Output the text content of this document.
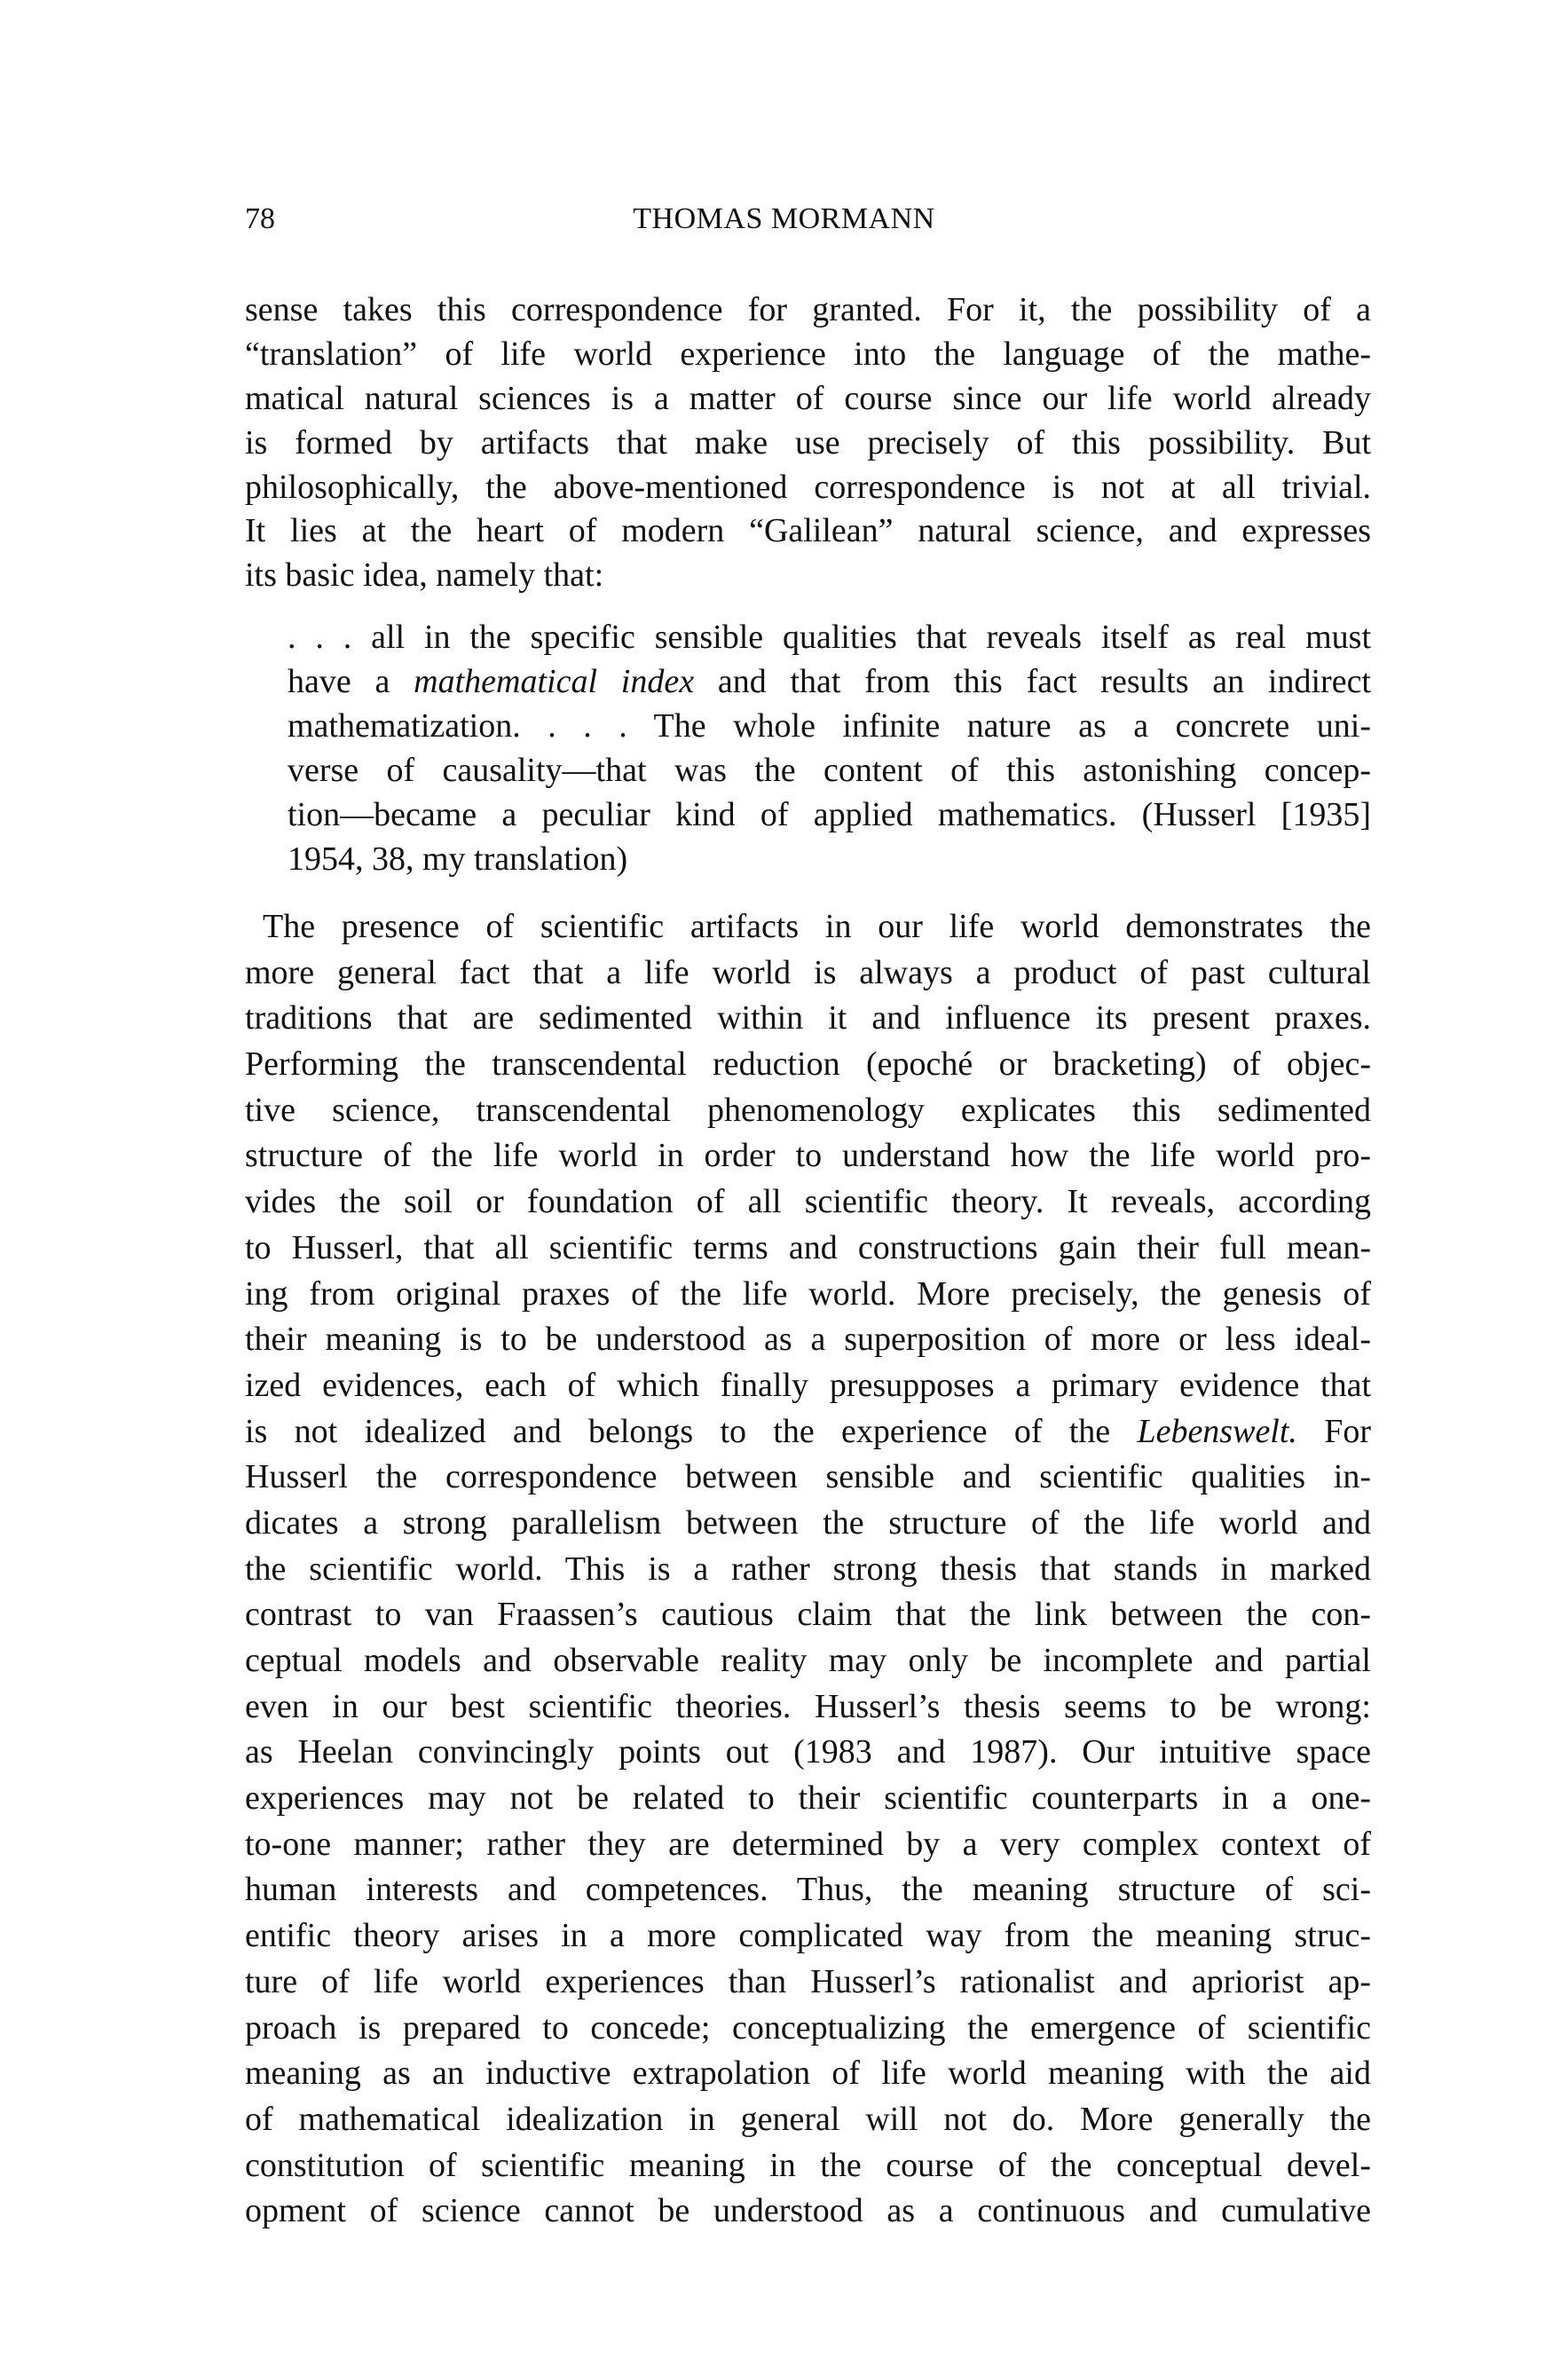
78	THOMAS MORMANN
sense takes this correspondence for granted. For it, the possibility of a
“translation” of life world experience into the language of the mathe-
matical natural sciences is a matter of course since our life world already
is formed by artifacts that make use precisely of this possibility. But
philosophically, the above-mentioned correspondence is not at all trivial.
It lies at the heart of modern “Galilean” natural science, and expresses
its basic idea, namely that:
. . . all in the specific sensible qualities that reveals itself as real must
have a mathematical index and that from this fact results an indirect
mathematization. . . . The whole infinite nature as a concrete uni-
verse of causality—that was the content of this astonishing concep-
tion—became a peculiar kind of applied mathematics. (Husserl [1935]
1954, 38, my translation)
The presence of scientific artifacts in our life world demonstrates the
more general fact that a life world is always a product of past cultural
traditions that are sedimented within it and influence its present praxes.
Performing the transcendental reduction (epoché or bracketing) of objec-
tive science, transcendental phenomenology explicates this sedimented
structure of the life world in order to understand how the life world pro-
vides the soil or foundation of all scientific theory. It reveals, according
to Husserl, that all scientific terms and constructions gain their full mean-
ing from original praxes of the life world. More precisely, the genesis of
their meaning is to be understood as a superposition of more or less ideal-
ized evidences, each of which finally presupposes a primary evidence that
is not idealized and belongs to the experience of the Lebenswelt. For
Husserl the correspondence between sensible and scientific qualities in-
dicates a strong parallelism between the structure of the life world and
the scientific world. This is a rather strong thesis that stands in marked
contrast to van Fraassen’s cautious claim that the link between the con-
ceptual models and observable reality may only be incomplete and partial
even in our best scientific theories. Husserl’s thesis seems to be wrong:
as Heelan convincingly points out (1983 and 1987). Our intuitive space
experiences may not be related to their scientific counterparts in a one-
to-one manner; rather they are determined by a very complex context of
human interests and competences. Thus, the meaning structure of sci-
entific theory arises in a more complicated way from the meaning struc-
ture of life world experiences than Husserl’s rationalist and apriorist ap-
proach is prepared to concede; conceptualizing the emergence of scientific
meaning as an inductive extrapolation of life world meaning with the aid
of mathematical idealization in general will not do. More generally the
constitution of scientific meaning in the course of the conceptual devel-
opment of science cannot be understood as a continuous and cumulative
